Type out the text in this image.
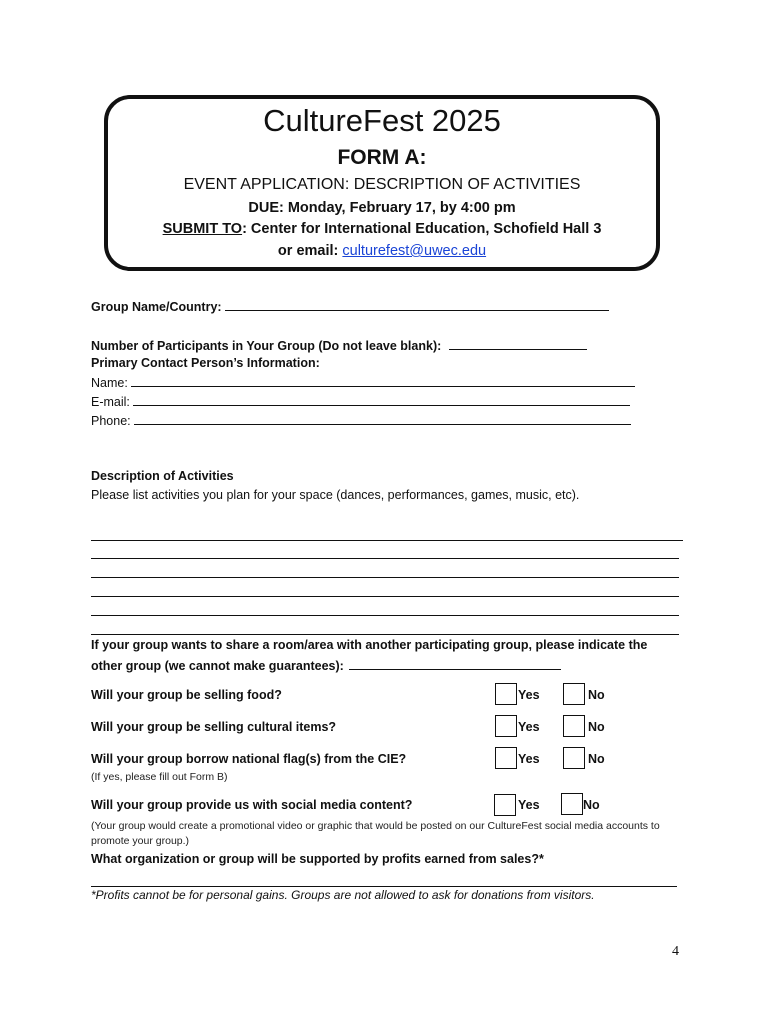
CultureFest 2025
FORM A:
EVENT APPLICATION: DESCRIPTION OF ACTIVITIES
DUE: Monday, February 17, by 4:00 pm
SUBMIT TO: Center for International Education, Schofield Hall 3
or email: culturefest@uwec.edu
Group Name/Country:
Number of Participants in Your Group (Do not leave blank):
Primary Contact Person’s Information:
Name:
E-mail:
Phone:
Description of Activities
Please list activities you plan for your space (dances, performances, games, music, etc).
If your group wants to share a room/area with another participating group, please indicate the
other group (we cannot make guarantees):
Will your group be selling food?	Yes	No
Will your group be selling cultural items?	Yes	No
Will your group borrow national flag(s) from the CIE?	Yes	No
(If yes, please fill out Form B)
Will your group provide us with social media content?	Yes	No
(Your group would create a promotional video or graphic that would be posted on our CultureFest social media accounts to promote your group.)
What organization or group will be supported by profits earned from sales?*
*Profits cannot be for personal gains. Groups are not allowed to ask for donations from visitors.
4
